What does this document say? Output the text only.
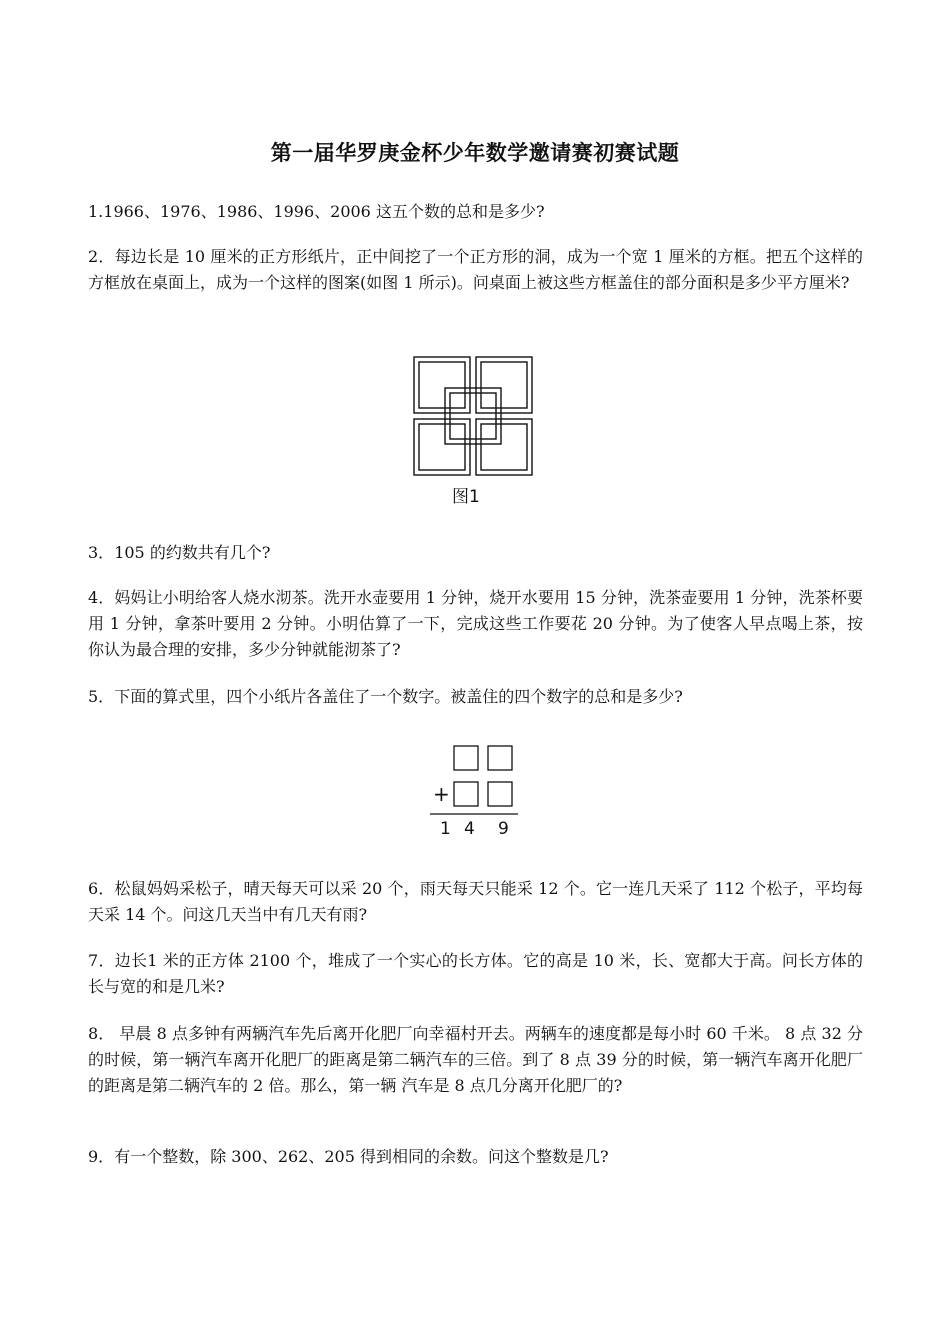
第一届华罗庚金杯少年数学邀请赛初赛试题
1.1966、1976、1986、1996、2006 这五个数的总和是多少?
2．每边长是 10 厘米的正方形纸片，正中间挖了一个正方形的洞，成为一个宽 1 厘米的方框。把五个这样的方框放在桌面上，成为一个这样的图案(如图 1 所示)。问桌面上被这些方框盖住的部分面积是多少平方厘米?
图1
3．105 的约数共有几个?
4．妈妈让小明给客人烧水沏茶。洗开水壶要用 1 分钟，烧开水要用 15 分钟，洗茶壶要用 1 分钟，洗茶杯要用 1 分钟，拿茶叶要用 2 分钟。小明估算了一下，完成这些工作要花 20 分钟。为了使客人早点喝上茶，按你认为最合理的安排，多少分钟就能沏茶了?
5．下面的算式里，四个小纸片各盖住了一个数字。被盖住的四个数字的总和是多少?
+
1 4 9
6．松鼠妈妈采松子，晴天每天可以采 20 个，雨天每天只能采 12 个。它一连几天采了 112 个松子，平均每天采 14 个。问这几天当中有几天有雨?
7．边长1 米的正方体 2100 个，堆成了一个实心的长方体。它的高是 10 米，长、宽都大于高。问长方体的长与宽的和是几米?
8． 早晨 8 点多钟有两辆汽车先后离开化肥厂向幸福村开去。两辆车的速度都是每小时 60 千米。 8 点 32 分的时候，第一辆汽车离开化肥厂的距离是第二辆汽车的三倍。到了 8 点 39 分的时候，第一辆汽车离开化肥厂的距离是第二辆汽车的 2 倍。那么，第一辆 汽车是 8 点几分离开化肥厂的?
9．有一个整数，除 300、262、205 得到相同的余数。问这个整数是几?
